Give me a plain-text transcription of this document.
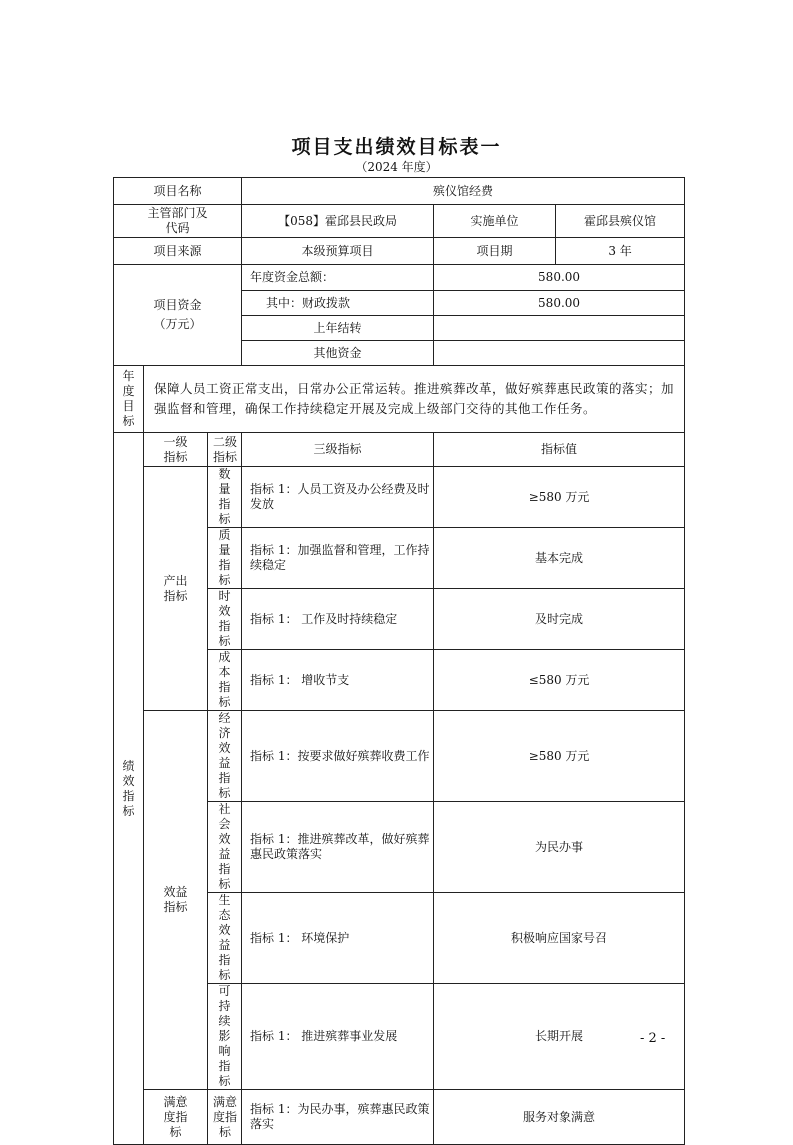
项目支出绩效目标表一
（2024 年度）
项目名称			殡仪馆经费		
主管部门及代码			【058】霍邱县民政局	实施单位	霍邱县殡仪馆
项目来源			本级预算项目	项目期	3 年
项目资金（万元）			年度资金总额：	580.00	
			其中：财政拨款	580.00	
			上年结转		
			其他资金		
年度目标	保障人员工资正常支出，日常办公正常运转。推进殡葬改革，做好殡葬惠民政策的落实；加强监督和管理，确保工作持续稳定开展及完成上级部门交待的其他工作任务。				
绩效指标	一级指标	二级指标	三级指标	指标值	
	产出指标	数量指标	指标 1：人员工资及办公经费及时发放	≥580 万元	
		质量指标	指标 1：加强监督和管理，工作持续稳定	基本完成	
		时效指标	指标 1： 工作及时持续稳定	及时完成	
		成本指标	指标 1： 增收节支	≤580 万元	
	效益指标	经济效益指标	指标 1：按要求做好殡葬收费工作	≥580 万元	
		社会效益指标	指标 1：推进殡葬改革，做好殡葬惠民政策落实	为民办事	
		生态效益指标	指标 1： 环境保护	积极响应国家号召	
		可持续影响指标	指标 1： 推进殡葬事业发展	长期开展	
	满意度指标	满意度指标	指标 1：为民办事，殡葬惠民政策落实	服务对象满意	
- 2 -
